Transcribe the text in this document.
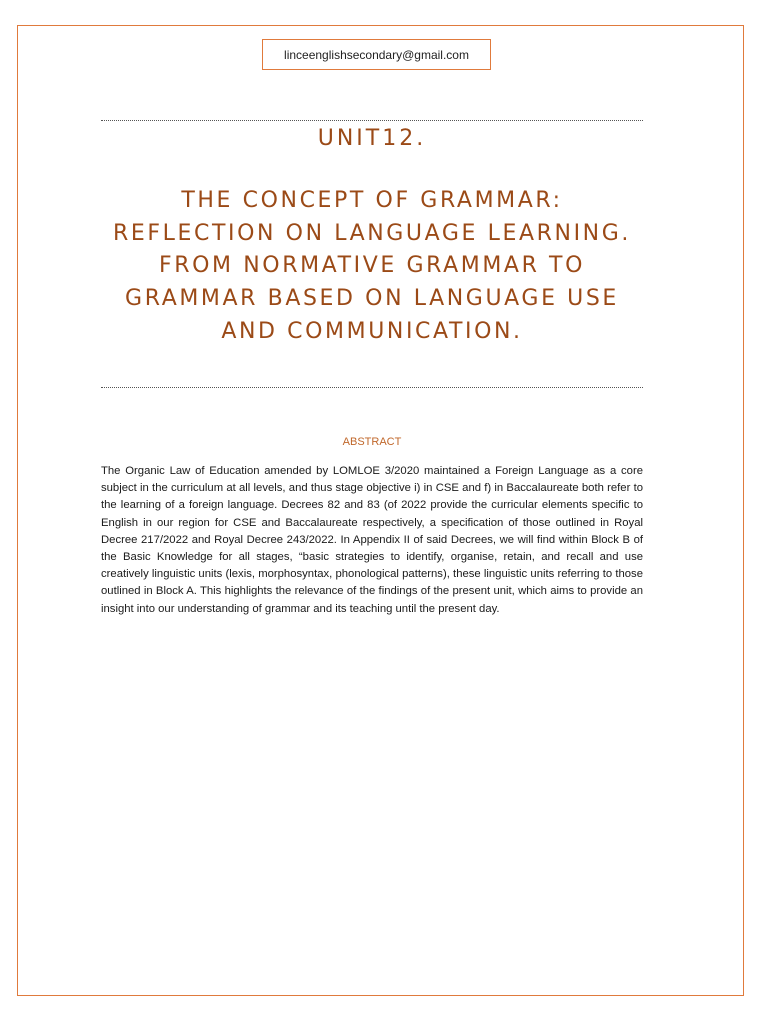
linceenglishsecondary@gmail.com
UNIT12.
THE CONCEPT OF GRAMMAR: REFLECTION ON LANGUAGE LEARNING. FROM NORMATIVE GRAMMAR TO GRAMMAR BASED ON LANGUAGE USE AND COMMUNICATION.
ABSTRACT

The Organic Law of Education amended by LOMLOE 3/2020 maintained a Foreign Language as a core subject in the curriculum at all levels, and thus stage objective i) in CSE and f) in Baccalaureate both refer to the learning of a foreign language. Decrees 82 and 83 (of 2022 provide the curricular elements specific to English in our region for CSE and Baccalaureate respectively, a specification of those outlined in Royal Decree 217/2022 and Royal Decree 243/2022. In Appendix II of said Decrees, we will find within Block B of the Basic Knowledge for all stages, “basic strategies to identify, organise, retain, and recall and use creatively linguistic units (lexis, morphosyntax, phonological patterns), these linguistic units referring to those outlined in Block A. This highlights the relevance of the findings of the present unit, which aims to provide an insight into our understanding of grammar and its teaching until the present day.
